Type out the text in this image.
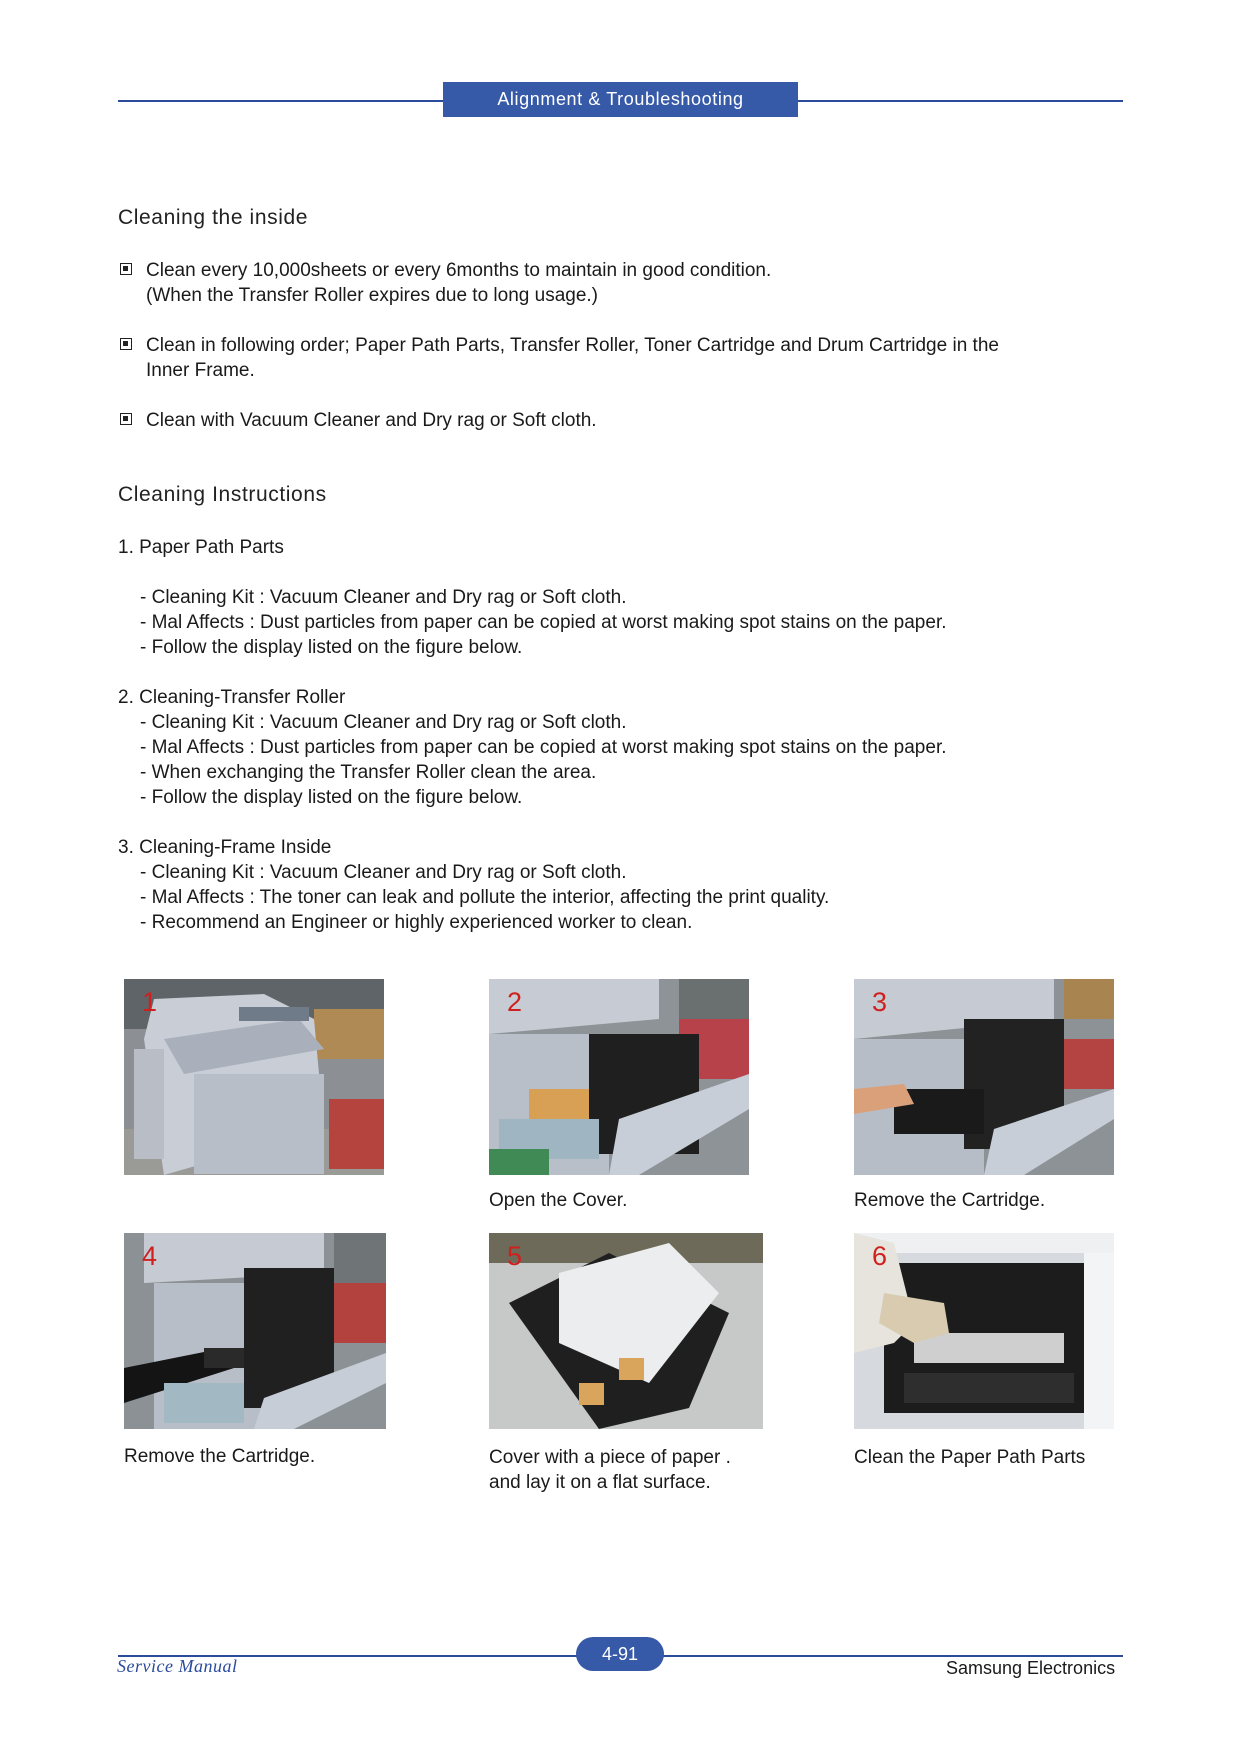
Alignment & Troubleshooting
Cleaning the inside
Clean every 10,000sheets or every 6months to maintain in good condition.
(When the Transfer Roller expires due to long usage.)
Clean in following order; Paper Path Parts, Transfer Roller, Toner Cartridge and Drum Cartridge in the
Inner Frame.
Clean with Vacuum Cleaner and Dry rag or Soft cloth.
Cleaning Instructions
1. Paper Path Parts
- Cleaning Kit : Vacuum Cleaner and Dry rag or Soft cloth.
- Mal Affects : Dust particles from paper can be copied at worst making spot stains on the paper.
- Follow the display listed on the figure below.
2. Cleaning-Transfer Roller
- Cleaning Kit : Vacuum Cleaner and Dry rag or Soft cloth.
- Mal Affects : Dust particles from paper can be copied at worst making spot stains on the paper.
- When exchanging the Transfer Roller clean the area.
- Follow the display listed on the figure below.
3. Cleaning-Frame Inside
- Cleaning Kit : Vacuum Cleaner and Dry rag or Soft cloth.
- Mal Affects : The toner can leak and pollute the interior, affecting the print quality.
- Recommend an Engineer or highly experienced worker to clean.
1	2	3
4	5	6
Open the Cover.	Remove the Cartridge.
Remove the Cartridge.	Cover with a piece of paper .
and lay it on a flat surface.
Clean the Paper Path Parts
4-91
Service Manual	Samsung Electronics
